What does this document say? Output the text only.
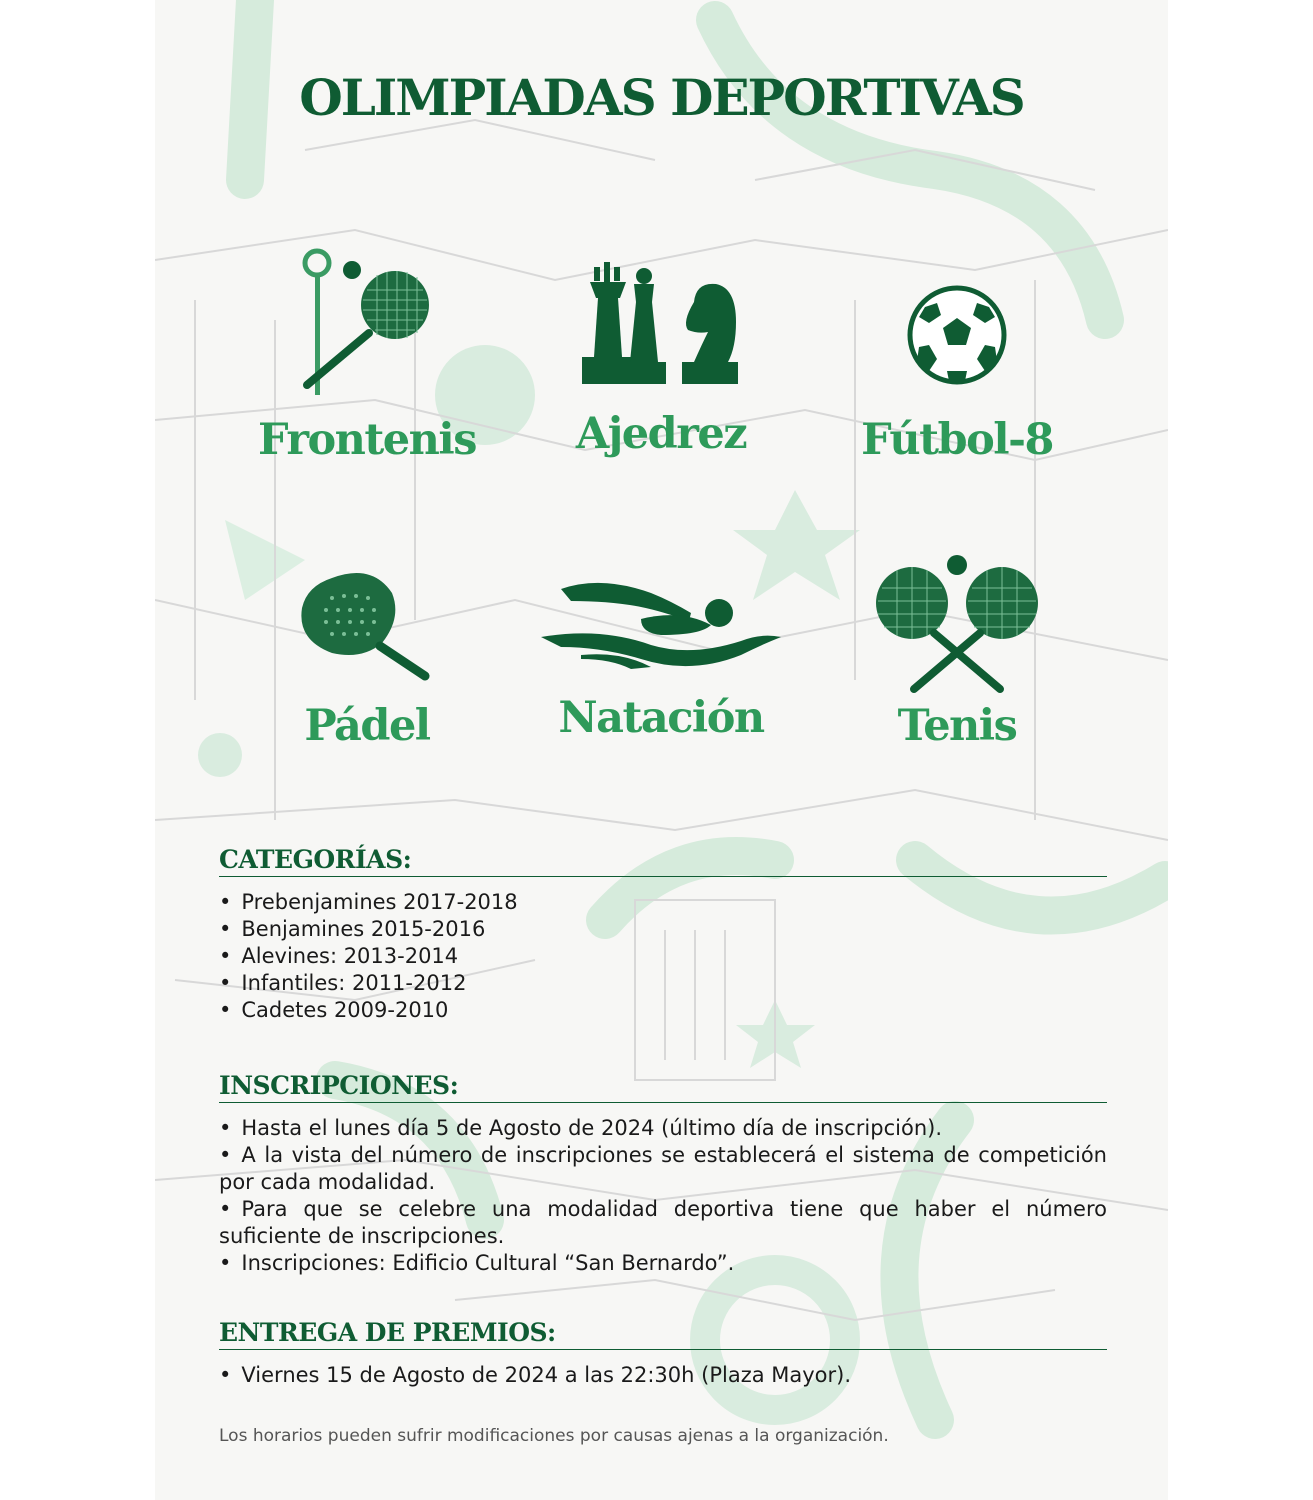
OLIMPIADAS DEPORTIVAS
Frontenis	Ajedrez	Fútbol-8
Pádel	Natación	Tenis
CATEGORÍAS:
• Prebenjamines 2017-2018
• Benjamines 2015-2016
• Alevines: 2013-2014
• Infantiles: 2011-2012
• Cadetes 2009-2010
INSCRIPCIONES:
• Hasta el lunes día 5 de Agosto de 2024 (último día de inscripción).
• A la vista del número de inscripciones se establecerá el sistema de competición por cada modalidad.
• Para que se celebre una modalidad deportiva tiene que haber el número suficiente de inscripciones.
• Inscripciones: Edificio Cultural “San Bernardo”.
ENTREGA DE PREMIOS:
• Viernes 15 de Agosto de 2024 a las 22:30h (Plaza Mayor).
Los horarios pueden sufrir modificaciones por causas ajenas a la organización.
